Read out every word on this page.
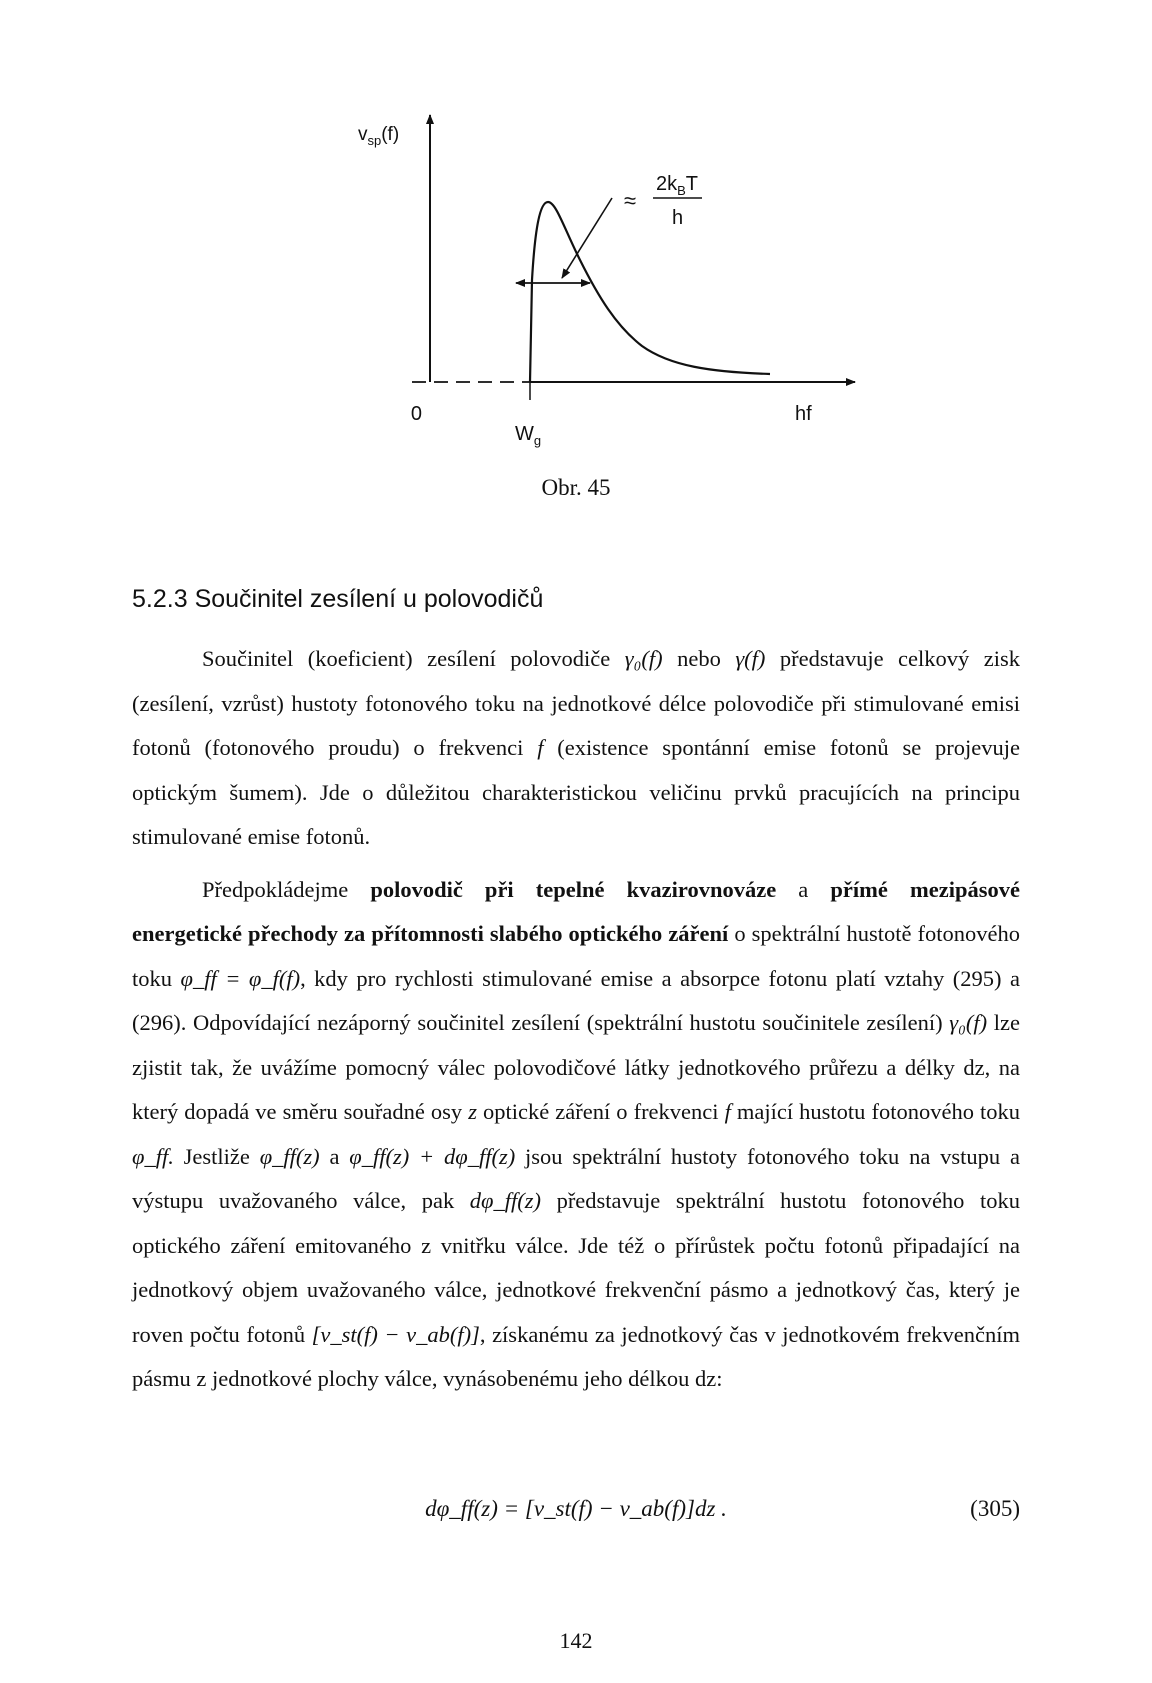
$v_{sp}(f)$
≈
$2k_BT$
h
0	hf
$W_g$
Obr. 45
5.2.3 Součinitel zesílení u polovodičů

Součinitel (koeficient) zesílení polovodiče γ₀(f) nebo γ(f) představuje celkový zisk (zesílení, vzrůst) hustoty fotonového toku na jednotkové délce polovodiče při stimulované emisi fotonů (fotonového proudu) o frekvenci f (existence spontánní emise fotonů se projevuje optickým šumem). Jde o důležitou charakteristickou veličinu prvků pracujících na principu stimulované emise fotonů.

Předpokládejme polovodič při tepelné kvazirovnováze a přímé mezipásové energetické přechody za přítomnosti slabého optického záření o spektrální hustotě fotonového toku φ_ff = φ_f(f), kdy pro rychlosti stimulované emise a absorpce fotonu platí vztahy (295) a (296). Odpovídající nezáporný součinitel zesílení (spektrální hustotu součinitele zesílení) γ₀(f) lze zjistit tak, že uvážíme pomocný válec polovodičové látky jednotkového průřezu a délky dz, na který dopadá ve směru souřadné osy z optické záření o frekvenci f mající hustotu fotonového toku φ_ff. Jestliže φ_ff(z) a φ_ff(z) + dφ_ff(z) jsou spektrální hustoty fotonového toku na vstupu a výstupu uvažovaného válce, pak dφ_ff(z) představuje spektrální hustotu fotonového toku optického záření emitovaného z vnitřku válce. Jde též o přírůstek počtu fotonů připadající na jednotkový objem uvažovaného válce, jednotkové frekvenční pásmo a jednotkový čas, který je roven počtu fotonů [v_st(f) − v_ab(f)], získanému za jednotkový čas v jednotkovém frekvenčním pásmu z jednotkové plochy válce, vynásobenému jeho délkou dz:

dφ_ff(z) = [v_st(f) − v_ab(f)]dz .	(305)
142
